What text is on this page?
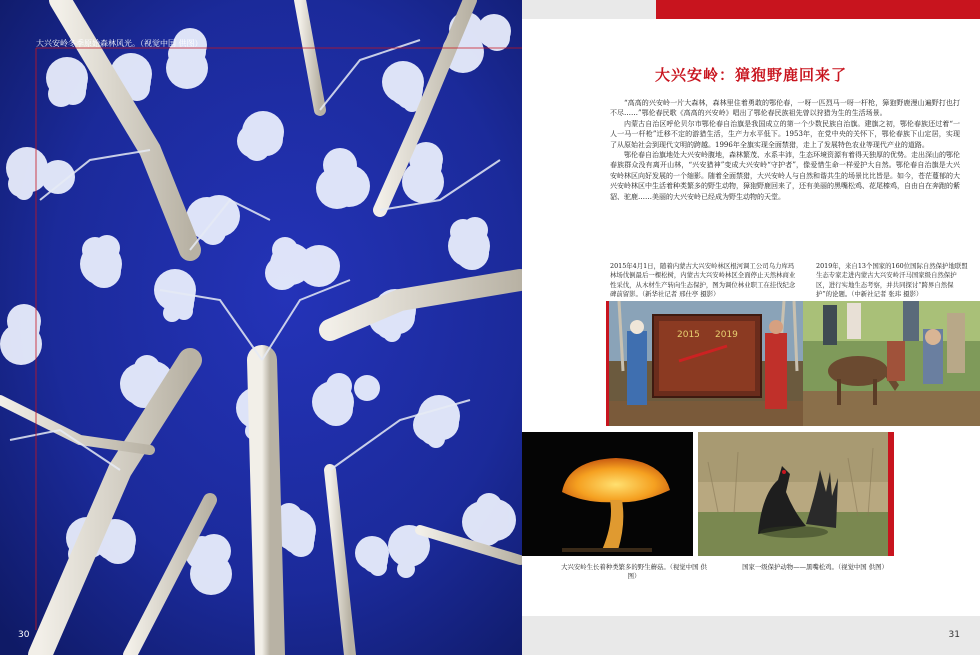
大兴安岭冬季原始森林风光。（视觉中国 供图）
30
大兴安岭：獐狍野鹿回来了

“高高的兴安岭一片大森林，森林里住着勇敢的鄂伦春，一呀一匹烈马一呀一杆枪，獐狍野鹿漫山遍野打也打不尽……”鄂伦春民歌《高高的兴安岭》唱出了鄂伦春民族祖先曾以狩猎为生的生活场景。

内蒙古自治区呼伦贝尔市鄂伦春自治旗是我国成立的第一个少数民族自治旗。建旗之初，鄂伦春族还过着“一人一马一杆枪”迁移不定的游猎生活，生产力水平低下。1953年，在党中央的关怀下，鄂伦春族下山定居，实现了从原始社会到现代文明的跨越。1996年全旗实现全面禁猎，走上了发展特色农业等现代产业的道路。

鄂伦春自治旗地处大兴安岭腹地，森林繁茂、水系丰沛，生态环境资源有着得天独厚的优势。走出深山的鄂伦春族群众没有离开山林，“兴安猎神”变成大兴安岭“守护者”，像爱惜生命一样爱护大自然。鄂伦春自治旗是大兴安岭林区向好发展的一个缩影。随着全面禁猎，大兴安岭人与自然和谐共生的场景比比皆是。如今，苍茫蔓郁的大兴安岭林区中生活着种类繁多的野生动物，獐狍野鹿回来了，还有美丽的黑嘴松鸡、花尾榛鸡，自由自在奔跑的紫貂、驼鹿……美丽的大兴安岭已经成为野生动物的天堂。

2015年4月1日，随着内蒙古大兴安岭林区根河调工公司乌力库玛林场伐倒最后一棵松树，内蒙古大兴安岭林区全面停止天然林商业性采伐，从木材生产转向生态保护，图为调位林业职工在挂伐纪念碑前留影。（新华社记者 邢仕亭 摄影）
2019年，来自13个国家的160位国际自然保护地联盟生态专家走进内蒙古大兴安岭汗马国家级自然保护区，进行实地生态考察，并共同探讨“跨界自然保护”的论题。（中新社记者 张玮 摄影）
2015 2019
大兴安岭生长着种类繁多的野生蘑菇。（视觉中国 供图）
国家一级保护动物——黑嘴松鸡。（视觉中国 供图）
31
